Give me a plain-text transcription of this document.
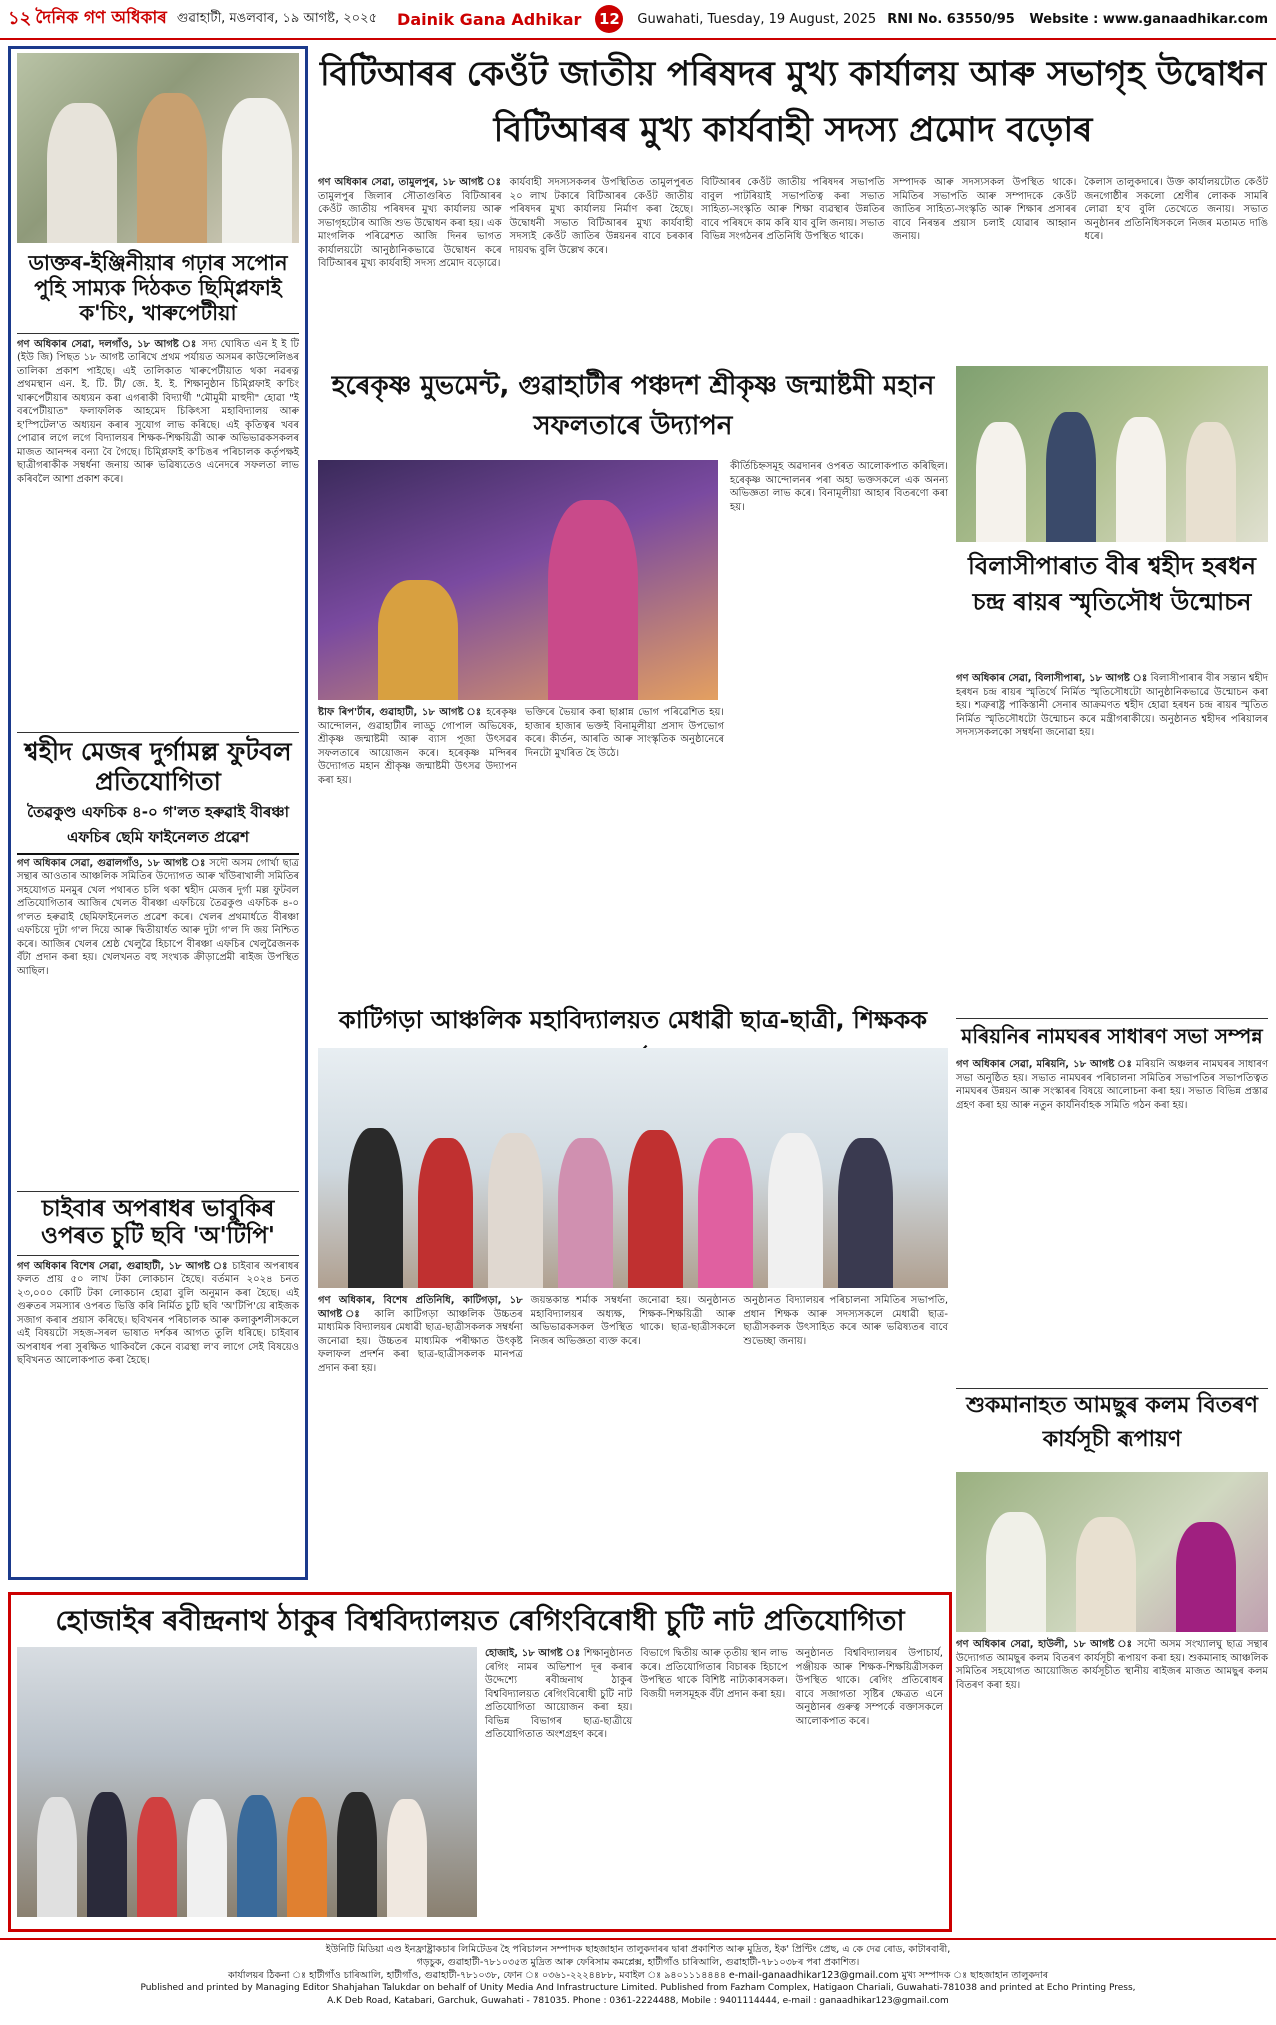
১২ দৈনিক গণ অধিকাৰ গুৱাহাটী, মঙলবাৰ, ১৯ আগষ্ট, ২০২৫ Dainik Gana Adhikar 12 Guwahati, Tuesday, 19 August, 2025 RNI No. 63550/95 Website : www.ganaadhikar.com
ডাক্তৰ-ইঞ্জিনীয়াৰ গঢ়াৰ সপোন পুহি সাম্যক দিঠকত ছিম্প্লিফাই ক'চিং, খাৰুপেটীয়া
গণ অধিকাৰ সেৱা, দলগাঁও, ১৮ আগষ্ট ঃ সদ্য ঘোষিত এন ই ই টি (ইউ জি) পিছত ১৮ আগষ্ট তাৰিখে প্ৰথম পৰ্যায়ত অসমৰ কাউন্সেলিঙৰ তালিকা প্ৰকাশ পাইছে। এই তালিকাত খাৰুপেটীয়াত থকা নৱৰত্ন প্ৰথমস্থান এন. ই. টি. টী/ জে. ই. ই. শিক্ষানুষ্ঠান চিম্প্লিফাই ক'চিং খাৰুপেটীয়াৰ অধ্যয়ন কৰা এগৰাকী বিদ্যাৰ্থী "মৌমুমী মাহুদী" হোৱা "ই বৰপেটীয়াত" ফলাফলিক আহমেদ চিকিৎসা মহাবিদ্যালয় আৰু হ'স্পিটেল'ত অধ্যয়ন কৰাৰ সুযোগ লাভ কৰিছে। এই কৃতিত্বৰ খবৰ পোৱাৰ লগে লগে বিদ্যালয়ৰ শিক্ষক-শিক্ষয়িত্ৰী আৰু অভিভাৱকসকলৰ মাজত আনন্দৰ বন্যা বৈ গৈছে। চিম্প্লিফাই ক'চিঙৰ পৰিচালক কৰ্তৃপক্ষই ছাত্ৰীগৰাকীক সম্বৰ্ধনা জনায় আৰু ভৱিষ্যতেও এনেদৰে সফলতা লাভ কৰিবলৈ আশা প্ৰকাশ কৰে।
শ্বহীদ মেজৰ দুৰ্গামল্ল ফুটবল প্ৰতিযোগিতা
তৈৱকুণ্ড এফচিক ৪-০ গ'লত হৰুৱাই বীৰঞ্চা এফচিৰ ছেমি ফাইনেলত প্ৰৱেশ
গণ অধিকাৰ সেৱা, গুৱালগাঁও, ১৮ আগষ্ট ঃ সদৌ অসম গোৰ্খা ছাত্ৰ সন্থাৰ আওতাৰ আঞ্চলিক সমিতিৰ উদ্যোগত আৰু খাঁউৰাখালী সমিতিৰ সহযোগত মনমুৰ খেল পথাৰত চলি থকা শ্বহীদ মেজৰ দুৰ্গা মল্ল ফুটবল প্ৰতিযোগিতাৰ আজিৰ খেলত বীৰঞ্চা এফচিয়ে তৈৱকুণ্ড এফচিক ৪-০ গ'লত হৰুৱাই ছেমিফাইনেলত প্ৰৱেশ কৰে। খেলৰ প্ৰথমাৰ্ধতে বীৰঞ্চা এফচিয়ে দুটা গ'ল দিয়ে আৰু দ্বিতীয়াৰ্ধত আৰু দুটা গ'ল দি জয় নিশ্চিত কৰে। আজিৰ খেলৰ শ্ৰেষ্ঠ খেলুৱৈ হিচাপে বীৰঞ্চা এফচিৰ খেলুৱৈজনক বঁটা প্ৰদান কৰা হয়। খেলখনত বহু সংখ্যক ক্ৰীড়াপ্ৰেমী ৰাইজ উপস্থিত আছিল।
চাইবাৰ অপৰাধৰ ভাবুকিৰ ওপৰত চুটি ছবি 'অ'টিপি'
গণ অধিকাৰ বিশেষ সেৱা, গুৱাহাটী, ১৮ আগষ্ট ঃ চাইবাৰ অপৰাধৰ ফলত প্ৰায় ৫০ লাখ টকা লোকচান হৈছে। বৰ্তমান ২০২৪ চনত ২৩,০০০ কোটি টকা লোকচান হোৱা বুলি অনুমান কৰা হৈছে। এই গুৰুতৰ সমস্যাৰ ওপৰত ভিত্তি কৰি নিৰ্মিত চুটি ছবি 'অ'টিপি'য়ে ৰাইজক সজাগ কৰাৰ প্ৰয়াস কৰিছে। ছবিখনৰ পৰিচালক আৰু কলাকুশলীসকলে এই বিষয়টো সহজ-সৰল ভাষাত দৰ্শকৰ আগত তুলি ধৰিছে। চাইবাৰ অপৰাধৰ পৰা সুৰক্ষিত থাকিবলৈ কেনে ব্যৱস্থা ল'ব লাগে সেই বিষয়েও ছবিখনত আলোকপাত কৰা হৈছে।
বিটিআৰৰ কেওঁট জাতীয় পৰিষদৰ মুখ্য কাৰ্যালয় আৰু সভাগৃহ উদ্বোধন বিটিআৰৰ মুখ্য কাৰ্যবাহী সদস্য প্ৰমোদ বড়োৰ
গণ অধিকাৰ সেৱা, তামুলপুৰ, ১৮ আগষ্ট ঃ তামুলপুৰ জিলাৰ সৌতাগুৰিত বিটিআৰৰ কেওঁট জাতীয় পৰিষদৰ মুখ্য কাৰ্যালয় আৰু সভাগৃহটোৰ আজি শুভ উদ্বোধন কৰা হয়। এক মাংগলিক পৰিৱেশত আজি দিনৰ ভাগত কাৰ্যালয়টো আনুষ্ঠানিকভাৱে উদ্বোধন কৰে বিটিআৰৰ মুখ্য কাৰ্যবাহী সদস্য প্ৰমোদ বড়োৱে।
কাৰ্যবাহী সদস্যসকলৰ উপস্থিতিত তামুলপুৰত ২০ লাখ টকাৰে বিটিআৰৰ কেওঁট জাতীয় পৰিষদৰ মুখ্য কাৰ্যালয় নিৰ্মাণ কৰা হৈছে। উদ্বোধনী সভাত বিটিআৰৰ মুখ্য কাৰ্যবাহী সদস্যই কেওঁট জাতিৰ উন্নয়নৰ বাবে চৰকাৰ দায়বদ্ধ বুলি উল্লেখ কৰে।
বিটিআৰৰ কেওঁট জাতীয় পৰিষদৰ সভাপতি বাবুল পাটৰিয়াই সভাপতিত্ব কৰা সভাত সাহিত্য-সংস্কৃতি আৰু শিক্ষা ব্যৱস্থাৰ উন্নতিৰ বাবে পৰিষদে কাম কৰি যাব বুলি জনায়। সভাত বিভিন্ন সংগঠনৰ প্ৰতিনিধি উপস্থিত থাকে।
সম্পাদক আৰু সদস্যসকল উপস্থিত থাকে। সমিতিৰ সভাপতি আৰু সম্পাদকে কেওঁট জাতিৰ সাহিত্য-সংস্কৃতি আৰু শিক্ষাৰ প্ৰসাৰৰ বাবে নিৰন্তৰ প্ৰয়াস চলাই যোৱাৰ আহ্বান জনায়।
কৈলাস তালুকদাৰে। উক্ত কাৰ্যালয়টোত কেওঁট জনগোষ্ঠীৰ সকলো শ্ৰেণীৰ লোকক সামৰি লোৱা হ'ব বুলি তেখেতে জনায়। সভাত অনুষ্ঠানৰ প্ৰতিনিধিসকলে নিজৰ মতামত দাঙি ধৰে।
হৰেকৃষ্ণ মুভমেন্ট, গুৱাহাটীৰ পঞ্চদশ শ্ৰীকৃষ্ণ জন্মাষ্টমী মহান সফলতাৰে উদ্যাপন
কীৰ্তিচিহ্নসমূহ অৱদানৰ ওপৰত আলোকপাত কৰিছিল। হৰেকৃষ্ণ আন্দোলনৰ পৰা অহা ভক্তসকলে এক অনন্য অভিজ্ঞতা লাভ কৰে। বিনামূলীয়া আহাৰ বিতৰণো কৰা হয়।
ষ্টাফ ৰিপ'ৰ্টাৰ, গুৱাহাটী, ১৮ আগষ্ট ঃ হৰেকৃষ্ণ আন্দোলন, গুৱাহাটীৰ লাড্ডু গোপাল অভিষেক, শ্ৰীকৃষ্ণ জন্মাষ্টমী আৰু ব্যাস পূজা উৎসৱৰ সফলতাৰে আয়োজন কৰে। হৰেকৃষ্ণ মন্দিৰৰ উদ্যোগত মহান শ্ৰীকৃষ্ণ জন্মাষ্টমী উৎসৱ উদ্যাপন কৰা হয়।
ভক্তিৰে ভৈয়াৰ কৰা ছাপ্পান্ন ভোগ পৰিৱেশিত হয়। হাজাৰ হাজাৰ ভক্তই বিনামূলীয়া প্ৰসাদ উপভোগ কৰে। কীৰ্তন, আৰতি আৰু সাংস্কৃতিক অনুষ্ঠানেৰে দিনটো মুখৰিত হৈ উঠে।
বিলাসীপাৰাত বীৰ শ্বহীদ হৰধন চন্দ্ৰ ৰায়ৰ স্মৃতিসৌধ উন্মোচন
গণ অধিকাৰ সেৱা, বিলাসীপাৰা, ১৮ আগষ্ট ঃ বিলাসীপাৰাৰ বীৰ সন্তান শ্বহীদ হৰধন চন্দ্ৰ ৰায়ৰ স্মৃতিৰ্থে নিৰ্মিত স্মৃতিসৌধটো আনুষ্ঠানিকভাৱে উন্মোচন কৰা হয়। শত্ৰুৰাষ্ট্ৰ পাকিস্তানী সেনাৰ আক্ৰমণত শ্বহীদ হোৱা হৰধন চন্দ্ৰ ৰায়ৰ স্মৃতিত নিৰ্মিত স্মৃতিসৌধটো উন্মোচন কৰে মন্ত্ৰীগৰাকীয়ে। অনুষ্ঠানত শ্বহীদৰ পৰিয়ালৰ সদস্যসকলকো সম্বৰ্ধনা জনোৱা হয়।
কাটিগড়া আঞ্চলিক মহাবিদ্যালয়ত মেধাৱী ছাত্ৰ-ছাত্ৰী, শিক্ষকক
গণ অধিকাৰ, বিশেষ প্ৰতিনিধি, কাটিগড়া, ১৮ আগষ্ট ঃ কালি কাটিগড়া আঞ্চলিক উচ্চতৰ মাধ্যমিক বিদ্যালয়ৰ মেধাৱী ছাত্ৰ-ছাত্ৰীসকলক সম্বৰ্ধনা জনোৱা হয়। উচ্চতৰ মাধ্যমিক পৰীক্ষাত উৎকৃষ্ট ফলাফল প্ৰদৰ্শন কৰা ছাত্ৰ-ছাত্ৰীসকলক মানপত্ৰ প্ৰদান কৰা হয়।
জয়ন্তকান্ত শৰ্মাক সম্বৰ্ধনা জনোৱা হয়। অনুষ্ঠানত মহাবিদ্যালয়ৰ অধ্যক্ষ, শিক্ষক-শিক্ষয়িত্ৰী আৰু অভিভাৱকসকল উপস্থিত থাকে। ছাত্ৰ-ছাত্ৰীসকলে নিজৰ অভিজ্ঞতা ব্যক্ত কৰে।
অনুষ্ঠানত বিদ্যালয়ৰ পৰিচালনা সমিতিৰ সভাপতি, প্ৰধান শিক্ষক আৰু সদস্যসকলে মেধাৱী ছাত্ৰ-ছাত্ৰীসকলক উৎসাহিত কৰে আৰু ভৱিষ্যতৰ বাবে শুভেচ্ছা জনায়।
মৰিয়নিৰ নামঘৰৰ সাধাৰণ সভা সম্পন্ন
গণ অধিকাৰ সেৱা, মৰিয়নি, ১৮ আগষ্ট ঃ মৰিয়নি অঞ্চলৰ নামঘৰৰ সাধাৰণ সভা অনুষ্ঠিত হয়। সভাত নামঘৰৰ পৰিচালনা সমিতিৰ সভাপতিৰ সভাপতিত্বত নামঘৰৰ উন্নয়ন আৰু সংস্কাৰৰ বিষয়ে আলোচনা কৰা হয়। সভাত বিভিন্ন প্ৰস্তাৱ গ্ৰহণ কৰা হয় আৰু নতুন কাৰ্যনিৰ্বাহক সমিতি গঠন কৰা হয়।
শুকমানাহত আমছুৰ কলম বিতৰণ কাৰ্যসূচী ৰূপায়ণ
গণ অধিকাৰ সেৱা, হাউলী, ১৮ আগষ্ট ঃ সদৌ অসম সংখ্যালঘু ছাত্ৰ সন্থাৰ উদ্যোগত আমছুৰ কলম বিতৰণ কাৰ্যসূচী ৰূপায়ণ কৰা হয়। শুকমানাহ আঞ্চলিক সমিতিৰ সহযোগত আয়োজিত কাৰ্যসূচীত স্থানীয় ৰাইজৰ মাজত আমছুৰ কলম বিতৰণ কৰা হয়।
হোজাইৰ ৰবীন্দ্ৰনাথ ঠাকুৰ বিশ্ববিদ্যালয়ত ৰেগিংবিৰোধী চুটি নাট প্ৰতিযোগিতা
হোজাই, ১৮ আগষ্ট ঃ শিক্ষানুষ্ঠানত ৰেগিং নামৰ অভিশাপ দূৰ কৰাৰ উদ্দেশ্যে ৰবীন্দ্ৰনাথ ঠাকুৰ বিশ্ববিদ্যালয়ত ৰেগিংবিৰোধী চুটি নাট প্ৰতিযোগিতা আয়োজন কৰা হয়। বিভিন্ন বিভাগৰ ছাত্ৰ-ছাত্ৰীয়ে প্ৰতিযোগিতাত অংশগ্ৰহণ কৰে।
বিভাগে দ্বিতীয় আৰু তৃতীয় স্থান লাভ কৰে। প্ৰতিযোগিতাৰ বিচাৰক হিচাপে উপস্থিত থাকে বিশিষ্ট নাট্যকাৰসকল। বিজয়ী দলসমূহক বঁটা প্ৰদান কৰা হয়।
অনুষ্ঠানত বিশ্ববিদ্যালয়ৰ উপাচাৰ্য, পঞ্জীয়ক আৰু শিক্ষক-শিক্ষয়িত্ৰীসকল উপস্থিত থাকে। ৰেগিং প্ৰতিৰোধৰ বাবে সজাগতা সৃষ্টিৰ ক্ষেত্ৰত এনে অনুষ্ঠানৰ গুৰুত্ব সম্পৰ্কে বক্তাসকলে আলোকপাত কৰে।
ইউনিটি মিডিয়া এণ্ড ইনফ্ৰাষ্ট্ৰাকচাৰ লিমিটেডৰ হৈ পৰিচালন সম্পাদক ছাহজাহান তালুকদাৰৰ দ্বাৰা প্ৰকাশিত আৰু মুদ্ৰিত, ইক' প্ৰিণ্টিং প্ৰেছ, এ কে দেৱ ৰোড, কাটাৰবাৰী,
গড়চুক, গুৱাহাটী-৭৮১০৩৫ত মুদ্ৰিত আৰু ফেৰিসাম কমপ্লেক্স, হাটীগাঁও চাৰিআলি, গুৱাহাটী-৭৮১০৩৮ৰ পৰা প্ৰকাশিত।
কাৰ্যালয়ৰ ঠিকনা ঃ হাটীগাঁও চাৰিআলি, হাটীগাঁও, গুৱাহাটী-৭৮১০৩৮, ফোন ঃ ০৩৬১-২২২৪৪৮৮, মবাইল ঃ ৯৪০১১১৪৪৪৪ e-mail-ganaadhikar123@gmail.com মুখ্য সম্পাদক ঃ ছাহজাহান তালুকদাৰ
Published and printed by Managing Editor Shahjahan Talukdar on behalf of Unity Media And Infrastructure Limited. Published from Fazham Complex, Hatigaon Chariali, Guwahati-781038 and printed at Echo Printing Press,
A.K Deb Road, Katabari, Garchuk, Guwahati - 781035. Phone : 0361-2224488, Mobile : 9401114444, e-mail : ganaadhikar123@gmail.com
